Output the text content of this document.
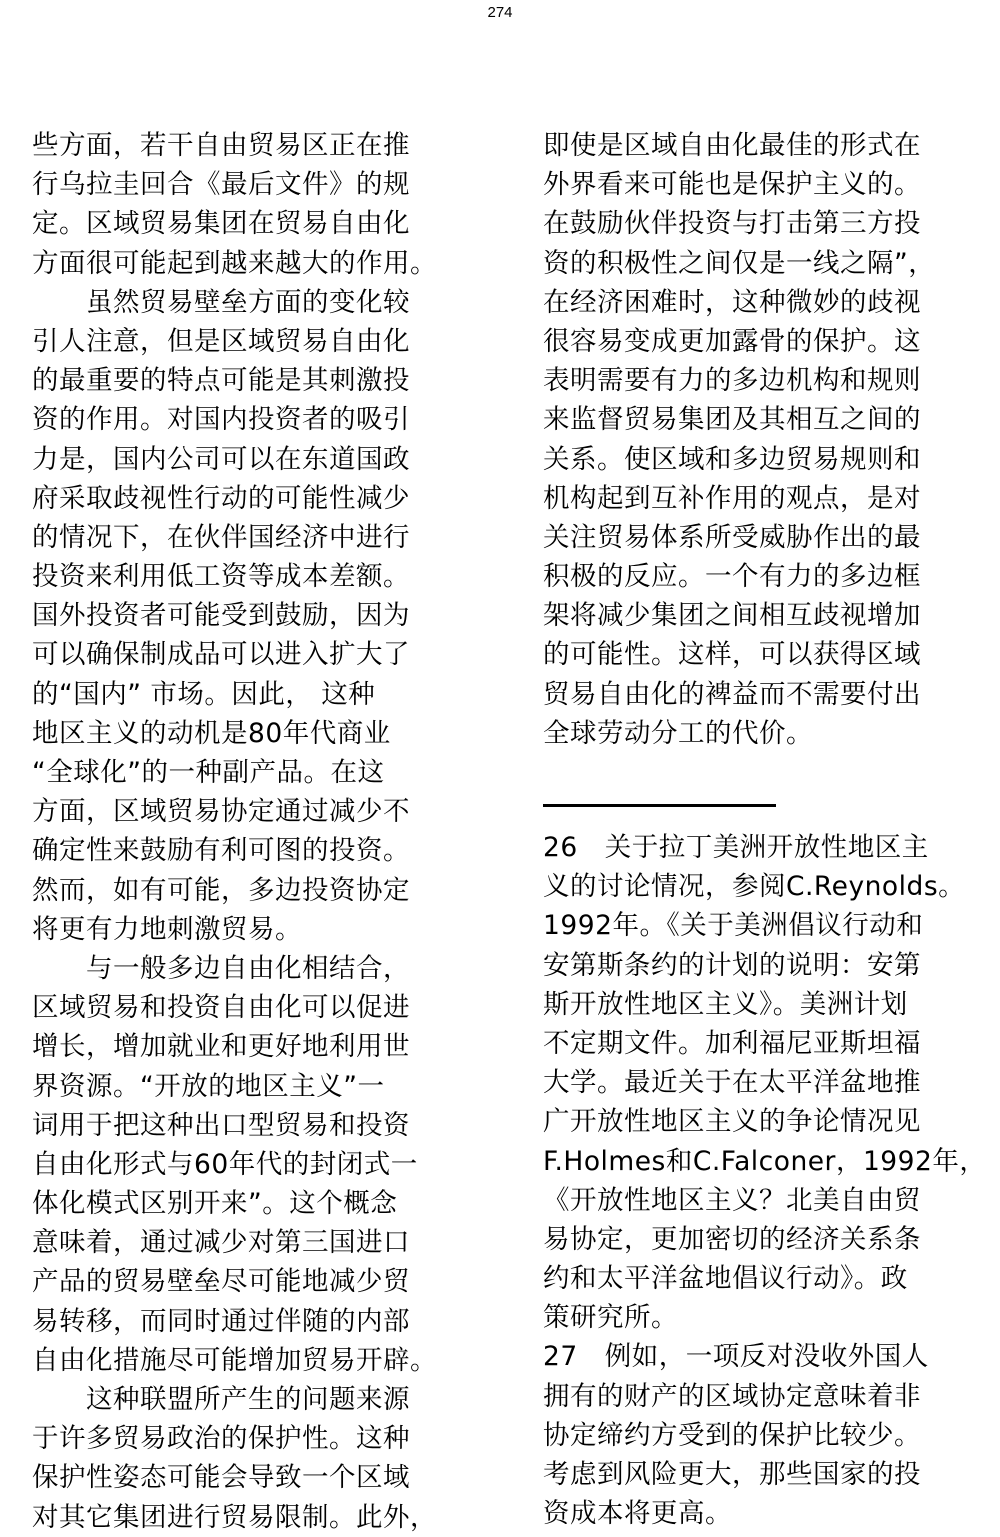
274
些方面，若干自由贸易区正在推
行乌拉圭回合《最后文件》的规
定。区域贸易集团在贸易自由化
方面很可能起到越来越大的作用。
　　虽然贸易壁垒方面的变化较
引人注意，但是区域贸易自由化
的最重要的特点可能是其刺激投
资的作用。对国内投资者的吸引
力是，国内公司可以在东道国政
府采取歧视性行动的可能性减少
的情况下，在伙伴国经济中进行
投资来利用低工资等成本差额。
国外投资者可能受到鼓励，因为
可以确保制成品可以进入扩大了
的“国内” 市场。因此， 这种
地区主义的动机是80年代商业
“全球化”的一种副产品。在这
方面，区域贸易协定通过减少不
确定性来鼓励有利可图的投资。
然而，如有可能，多边投资协定
将更有力地刺激贸易。
　　与一般多边自由化相结合，
区域贸易和投资自由化可以促进
增长，增加就业和更好地利用世
界资源。“开放的地区主义”一
词用于把这种出口型贸易和投资
自由化形式与60年代的封闭式一
体化模式区别开来”。这个概念
意味着，通过减少对第三国进口
产品的贸易壁垒尽可能地减少贸
易转移，而同时通过伴随的内部
自由化措施尽可能增加贸易开辟。
　　这种联盟所产生的问题来源
于许多贸易政治的保护性。这种
保护性姿态可能会导致一个区域
对其它集团进行贸易限制。此外，
即使是区域自由化最佳的形式在
外界看来可能也是保护主义的。
在鼓励伙伴投资与打击第三方投
资的积极性之间仅是一线之隔”，
在经济困难时，这种微妙的歧视
很容易变成更加露骨的保护。这
表明需要有力的多边机构和规则
来监督贸易集团及其相互之间的
关系。使区域和多边贸易规则和
机构起到互补作用的观点，是对
关注贸易体系所受威胁作出的最
积极的反应。一个有力的多边框
架将减少集团之间相互歧视增加
的可能性。这样，可以获得区域
贸易自由化的裨益而不需要付出
全球劳动分工的代价。
26　关于拉丁美洲开放性地区主
义的讨论情况，参阅C.Reynolds。
1992年。《关于美洲倡议行动和
安第斯条约的计划的说明：安第
斯开放性地区主义》。美洲计划
不定期文件。加利福尼亚斯坦福
大学。最近关于在太平洋盆地推
广开放性地区主义的争论情况见
F.Holmes和C.Falconer，1992年，
《开放性地区主义？北美自由贸
易协定，更加密切的经济关系条
约和太平洋盆地倡议行动》。政
策研究所。
27　例如，一项反对没收外国人
拥有的财产的区域协定意味着非
协定缔约方受到的保护比较少。
考虑到风险更大，那些国家的投
资成本将更高。
